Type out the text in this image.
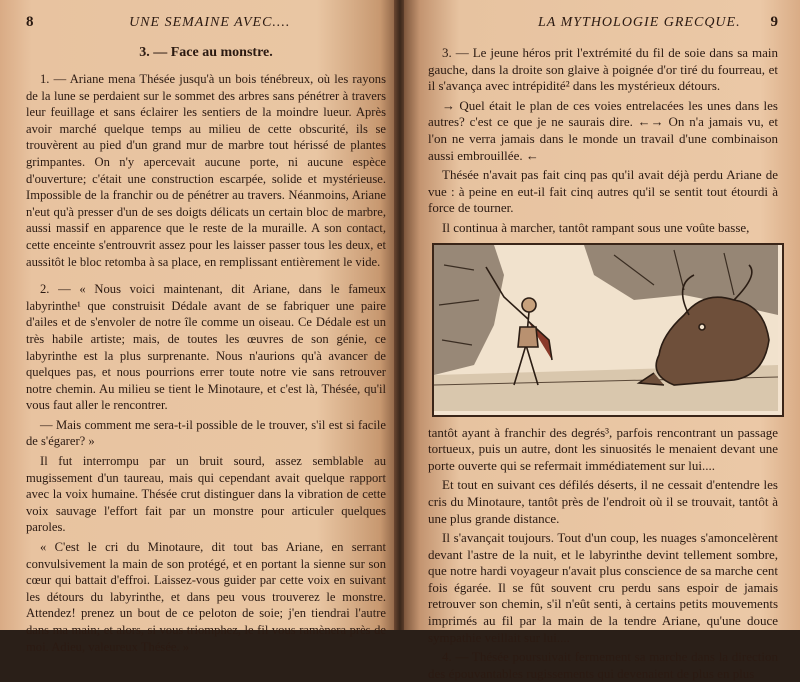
8	UNE SEMAINE AVEC....
3. — Face au monstre.

1. — Ariane mena Thésée jusqu'à un bois ténébreux, où les rayons de la lune se perdaient sur le sommet des arbres sans pénétrer à travers leur feuillage et sans éclairer les sentiers de la moindre lueur. Après avoir marché quelque temps au milieu de cette obscurité, ils se trouvèrent au pied d'un grand mur de marbre tout hérissé de plantes grimpantes. On n'y apercevait aucune porte, ni aucune espèce d'ouverture; c'était une construction escarpée, solide et mystérieuse. Impossible de la franchir ou de pénétrer au travers. Néanmoins, Ariane n'eut qu'à presser d'un de ses doigts délicats un certain bloc de marbre, aussi massif en apparence que le reste de la muraille. A son contact, cette enceinte s'entrouvrit assez pour les laisser passer tous les deux, et aussitôt le bloc retomba à sa place, en remplissant entièrement le vide.

2. — « Nous voici maintenant, dit Ariane, dans le fameux labyrinthe¹ que construisit Dédale avant de se fabriquer une paire d'ailes et de s'envoler de notre île comme un oiseau. Ce Dédale est un très habile artiste; mais, de toutes les œuvres de son génie, ce labyrinthe est la plus surprenante. Nous n'aurions qu'à avancer de quelques pas, et nous pourrions errer toute notre vie sans retrouver notre chemin. Au milieu se tient le Minotaure, et c'est là, Thésée, qu'il vous faut aller le rencontrer.

— Mais comment me sera-t-il possible de le trouver, s'il est si facile de s'égarer? »

Il fut interrompu par un bruit sourd, assez semblable au mugissement d'un taureau, mais qui cependant avait quelque rapport avec la voix humaine. Thésée crut distinguer dans la vibration de cette voix sauvage l'effort fait par un monstre pour articuler quelques paroles.

« C'est le cri du Minotaure, dit tout bas Ariane, en serrant convulsivement la main de son protégé, et en portant la sienne sur son cœur qui battait d'effroi. Laissez-vous guider par cette voix en suivant les détours du labyrinthe, et dans peu vous trouverez le monstre. Attendez! prenez un bout de ce peloton de soie; j'en tiendrai l'autre dans ma main; et alors, si vous triomphez, le fil vous ramènera près de moi. Adieu, valeureux Thésée. »

LA MYTHOLOGIE GRECQUE. 9

3. — Le jeune héros prit l'extrémité du fil de soie dans sa main gauche, dans la droite son glaive à poignée d'or tiré du fourreau, et il s'avança avec intrépidité² dans les mystérieux détours.

→ Quel était le plan de ces voies entrelacées les unes dans les autres? c'est ce que je ne saurais dire. ←→ On n'a jamais vu, et l'on ne verra jamais dans le monde un travail d'une combinaison aussi embrouillée. ←

Thésée n'avait pas fait cinq pas qu'il avait déjà perdu Ariane de vue : à peine en eut-il fait cinq autres qu'il se sentit tout étourdi à force de tourner.

Il continua à marcher, tantôt rampant sous une voûte basse,

tantôt ayant à franchir des degrés³, parfois rencontrant un passage tortueux, puis un autre, dont les sinuosités le menaient devant une porte ouverte qui se refermait immédiatement sur lui....

Et tout en suivant ces défilés déserts, il ne cessait d'entendre les cris du Minotaure, tantôt près de l'endroit où il se trouvait, tantôt à une plus grande distance.

Il s'avançait toujours. Tout d'un coup, les nuages s'amoncelèrent devant l'astre de la nuit, et le labyrinthe devint tellement sombre, que notre hardi voyageur n'avait plus conscience de sa marche cent fois égarée. Il se fût souvent cru perdu sans espoir de jamais retrouver son chemin, s'il n'eût senti, à certains petits mouvements imprimés au fil par la main de la tendre Ariane, qu'une douce sympathie veillait sur lui....

4. — Thésée poursuivait fermement sa marche dans la direction des épouvantables rugissements qui devenaient de plus en plus
